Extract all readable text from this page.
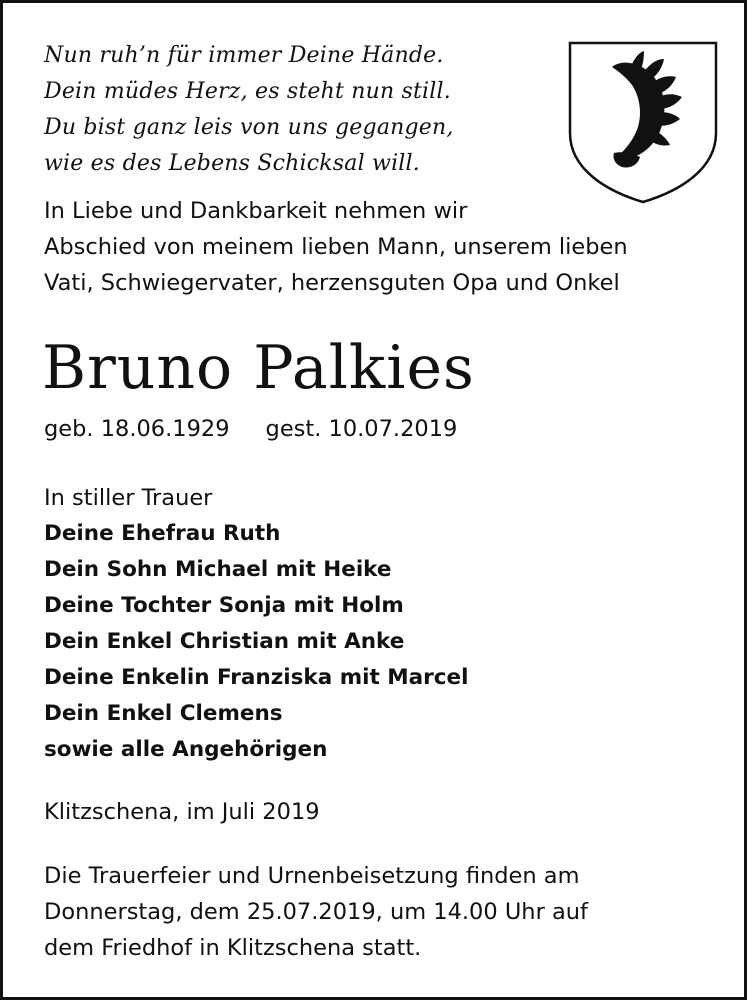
Nun ruh’n für immer Deine Hände.
Dein müdes Herz, es steht nun still.
Du bist ganz leis von uns gegangen,
wie es des Lebens Schicksal will.
In Liebe und Dankbarkeit nehmen wir
Abschied von meinem lieben Mann, unserem lieben
Vati, Schwiegervater, herzensguten Opa und Onkel
Bruno Palkies
geb. 18.06.1929 gest. 10.07.2019
In stiller Trauer
Deine Ehefrau Ruth
Dein Sohn Michael mit Heike
Deine Tochter Sonja mit Holm
Dein Enkel Christian mit Anke
Deine Enkelin Franziska mit Marcel
Dein Enkel Clemens
sowie alle Angehörigen
Klitzschena, im Juli 2019
Die Trauerfeier und Urnenbeisetzung finden am
Donnerstag, dem 25.07.2019, um 14.00 Uhr auf
dem Friedhof in Klitzschena statt.
